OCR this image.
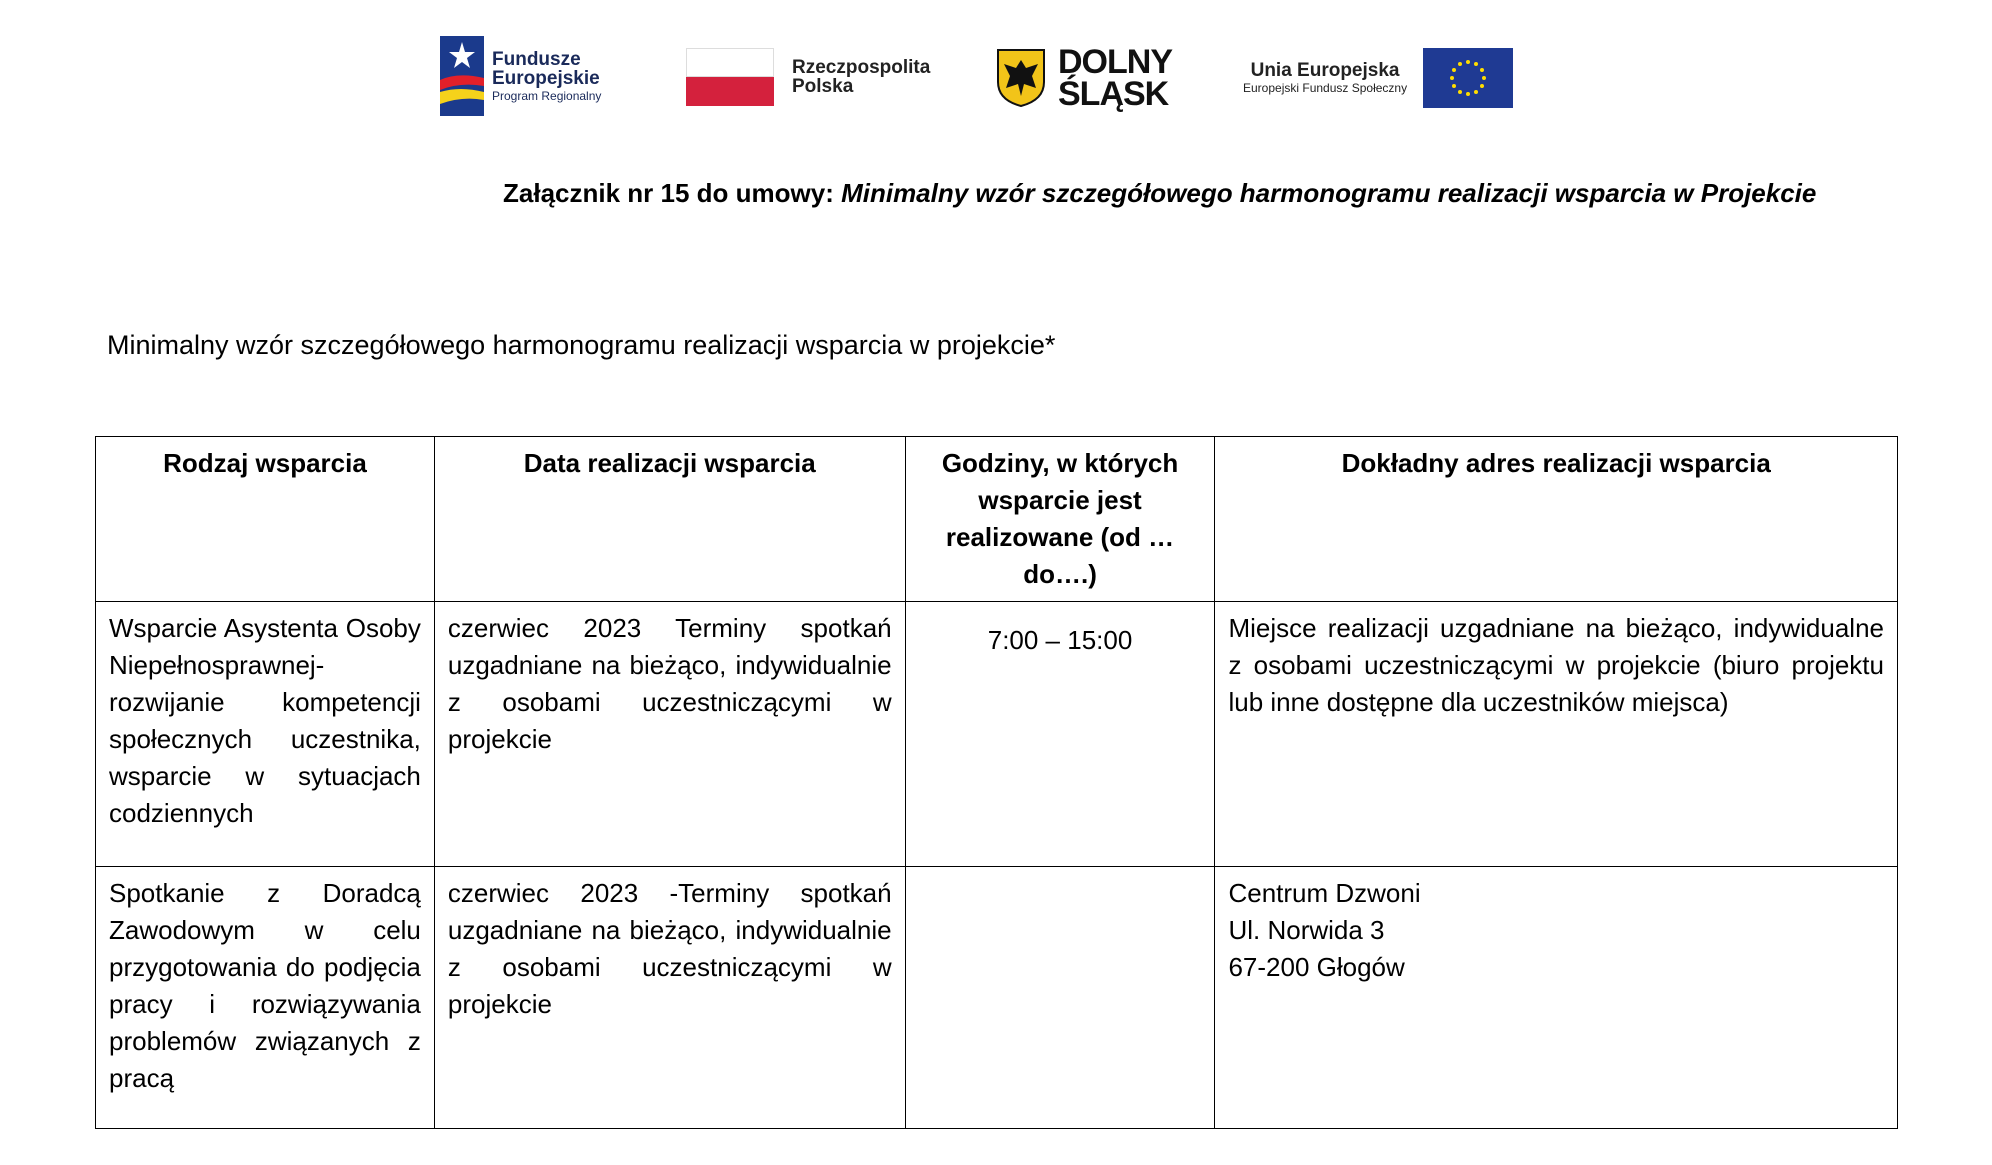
Fundusze
Europejskie
Program Regionalny
Rzeczpospolita
Polska
DOLNY
ŚLĄSK
Unia Europejska
Europejski Fundusz Społeczny
Załącznik nr 15 do umowy: Minimalny wzór szczegółowego harmonogramu realizacji wsparcia w Projekcie
Minimalny wzór szczegółowego harmonogramu realizacji wsparcia w projekcie*
Rodzaj wsparcia	Data realizacji wsparcia	Godziny, w których wsparcie jest realizowane (od … do….)	Dokładny adres realizacji wsparcia
Wsparcie Asystenta Osoby Niepełnosprawnej- rozwijanie kompetencji społecznych uczestnika, wsparcie w sytuacjach codziennych	czerwiec 2023 Terminy spotkań uzgadniane na bieżąco, indywidualnie z osobami uczestniczącymi w projekcie	7:00 – 15:00	Miejsce realizacji uzgadniane na bieżąco, indywidualne z osobami uczestniczącymi w projekcie (biuro projektu lub inne dostępne dla uczestników miejsca)
Spotkanie z Doradcą Zawodowym w celu przygotowania do podjęcia pracy i rozwiązywania problemów związanych z pracą	czerwiec 2023 -Terminy spotkań uzgadniane na bieżąco, indywidualnie z osobami uczestniczącymi w projekcie		Centrum Dzwoni
Ul. Norwida 3
67-200 Głogów
